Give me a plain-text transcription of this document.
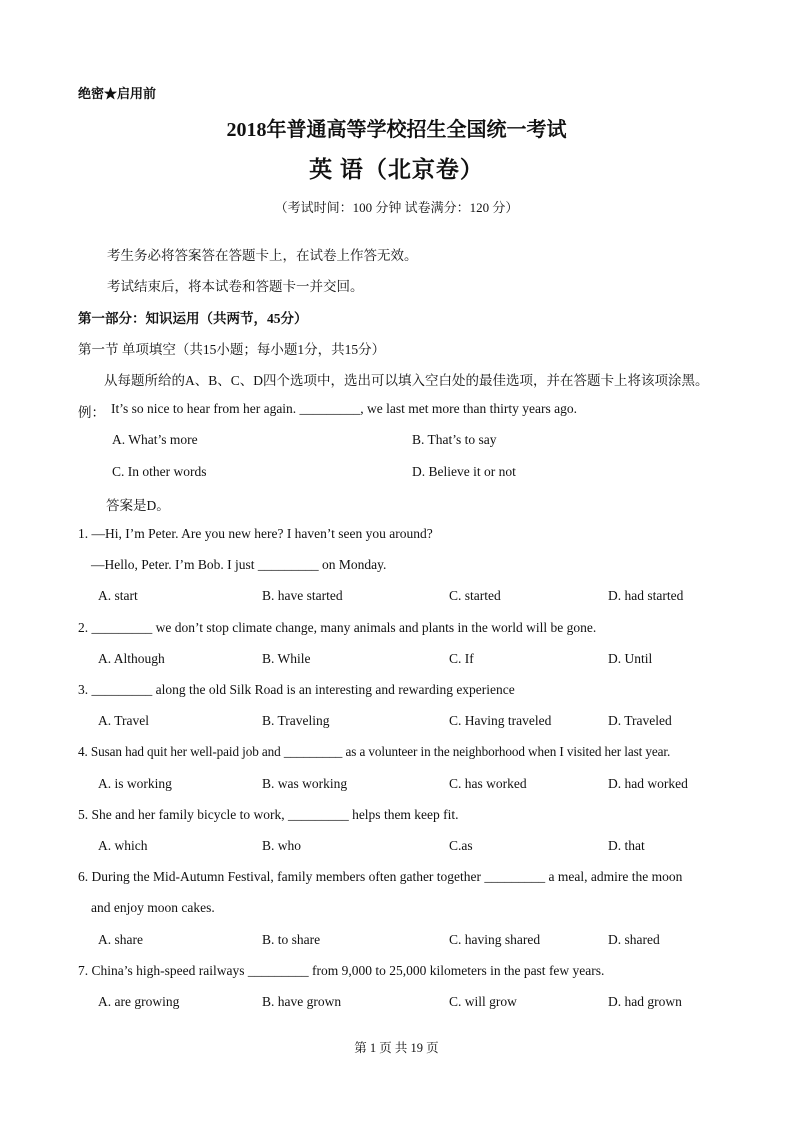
绝密★启用前
2018年普通高等学校招生全国统一考试
英 语（北京卷）
（考试时间：100 分钟 试卷满分：120 分）
考生务必将答案答在答题卡上，在试卷上作答无效。
考试结束后，将本试卷和答题卡一并交回。
第一部分：知识运用（共两节，45分）
第一节 单项填空（共15小题；每小题1分，共15分）
从每题所给的A、B、C、D四个选项中，选出可以填入空白处的最佳选项，并在答题卡上将该项涂黑。
例： It’s so nice to hear from her again. _________, we last met more than thirty years ago.
A. What’s more	B. That’s to say
C. In other words	D. Believe it or not
答案是D。
1. —Hi, I’m Peter. Are you new here? I haven’t seen you around?
—Hello, Peter. I’m Bob. I just _________ on Monday.
A. start	B. have started	C. started	D. had started
2. _________ we don’t stop climate change, many animals and plants in the world will be gone.
A. Although	B. While	C. If	D. Until
3. _________ along the old Silk Road is an interesting and rewarding experience
A. Travel	B. Traveling	C. Having traveled	D. Traveled
4. Susan had quit her well-paid job and _________ as a volunteer in the neighborhood when I visited her last year.
A. is working	B. was working	C. has worked	D. had worked
5. She and her family bicycle to work, _________ helps them keep fit.
A. which	B. who	C.as	D. that
6. During the Mid-Autumn Festival, family members often gather together _________ a meal, admire the moon
and enjoy moon cakes.
A. share	B. to share	C. having shared	D. shared
7. China’s high-speed railways _________ from 9,000 to 25,000 kilometers in the past few years.
A. are growing	B. have grown	C. will grow	D. had grown
第 1 页 共 19 页
